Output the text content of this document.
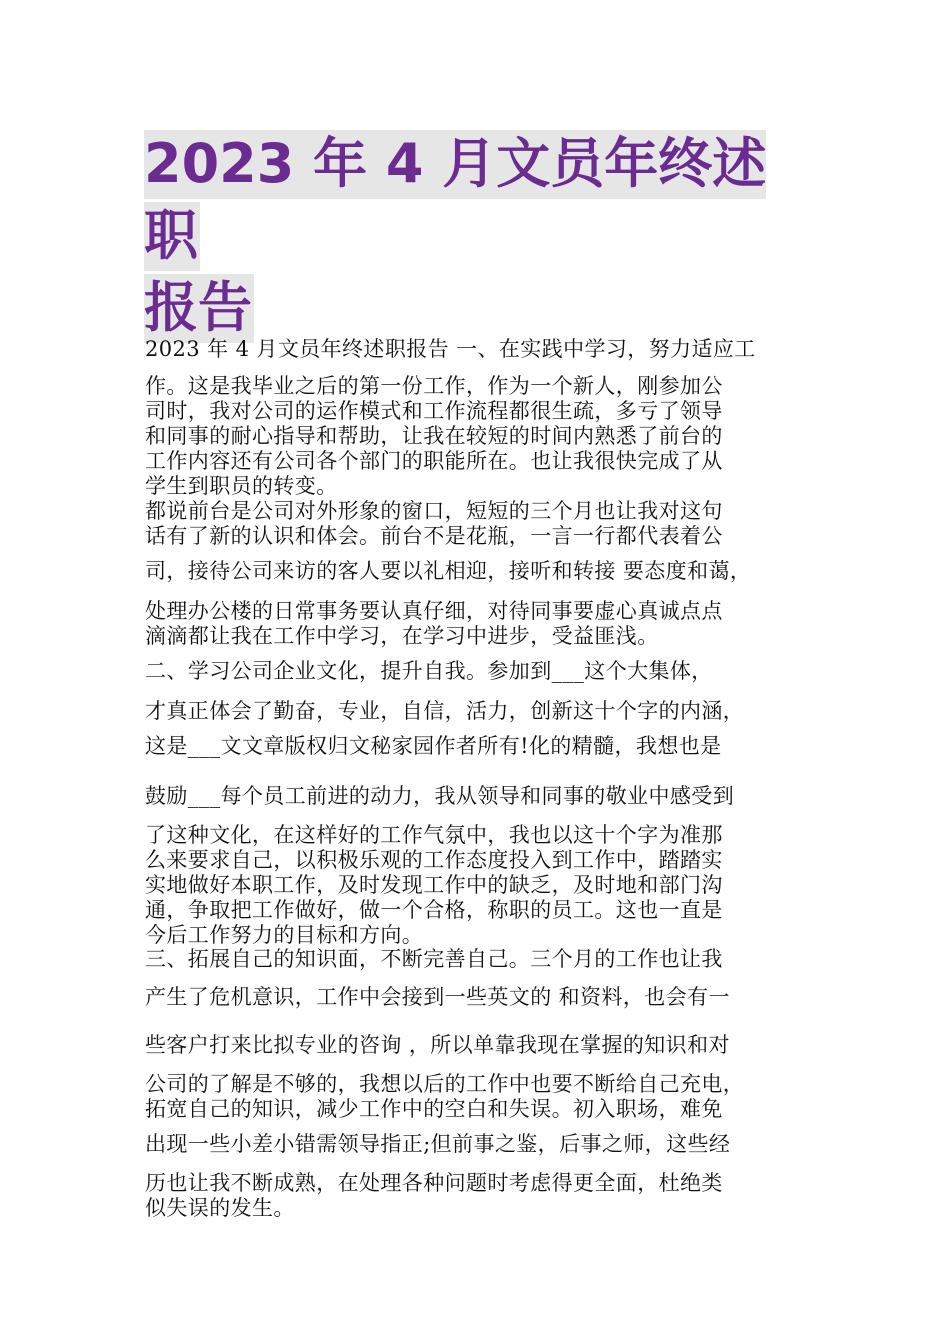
2023 年 4 月文员年终述职
报告
2023 年 4 月文员年终述职报告 一、在实践中学习，努力适应工
作。这是我毕业之后的第一份工作，作为一个新人，刚参加公
司时，我对公司的运作模式和工作流程都很生疏，多亏了领导
和同事的耐心指导和帮助，让我在较短的时间内熟悉了前台的
工作内容还有公司各个部门的职能所在。也让我很快完成了从
学生到职员的转变。
都说前台是公司对外形象的窗口，短短的三个月也让我对这句
话有了新的认识和体会。前台不是花瓶，一言一行都代表着公
司，接待公司来访的客人要以礼相迎，接听和转接 要态度和蔼，
处理办公楼的日常事务要认真仔细，对待同事要虚心真诚点点
滴滴都让我在工作中学习，在学习中进步，受益匪浅。
二、学习公司企业文化，提升自我。参加到___这个大集体，
才真正体会了勤奋，专业，自信，活力，创新这十个字的内涵，
这是___文文章版权归文秘家园作者所有!化的精髓，我想也是
鼓励___每个员工前进的动力，我从领导和同事的敬业中感受到
了这种文化，在这样好的工作气氛中，我也以这十个字为准那
么来要求自己，以积极乐观的工作态度投入到工作中，踏踏实
实地做好本职工作，及时发现工作中的缺乏，及时地和部门沟
通，争取把工作做好，做一个合格，称职的员工。这也一直是
今后工作努力的目标和方向。
三、拓展自己的知识面，不断完善自己。三个月的工作也让我
产生了危机意识，工作中会接到一些英文的 和资料，也会有一
些客户打来比拟专业的咨询 ，所以单靠我现在掌握的知识和对
公司的了解是不够的，我想以后的工作中也要不断给自己充电，
拓宽自己的知识，减少工作中的空白和失误。初入职场，难免
出现一些小差小错需领导指正;但前事之鉴，后事之师，这些经
历也让我不断成熟，在处理各种问题时考虑得更全面，杜绝类
似失误的发生。
